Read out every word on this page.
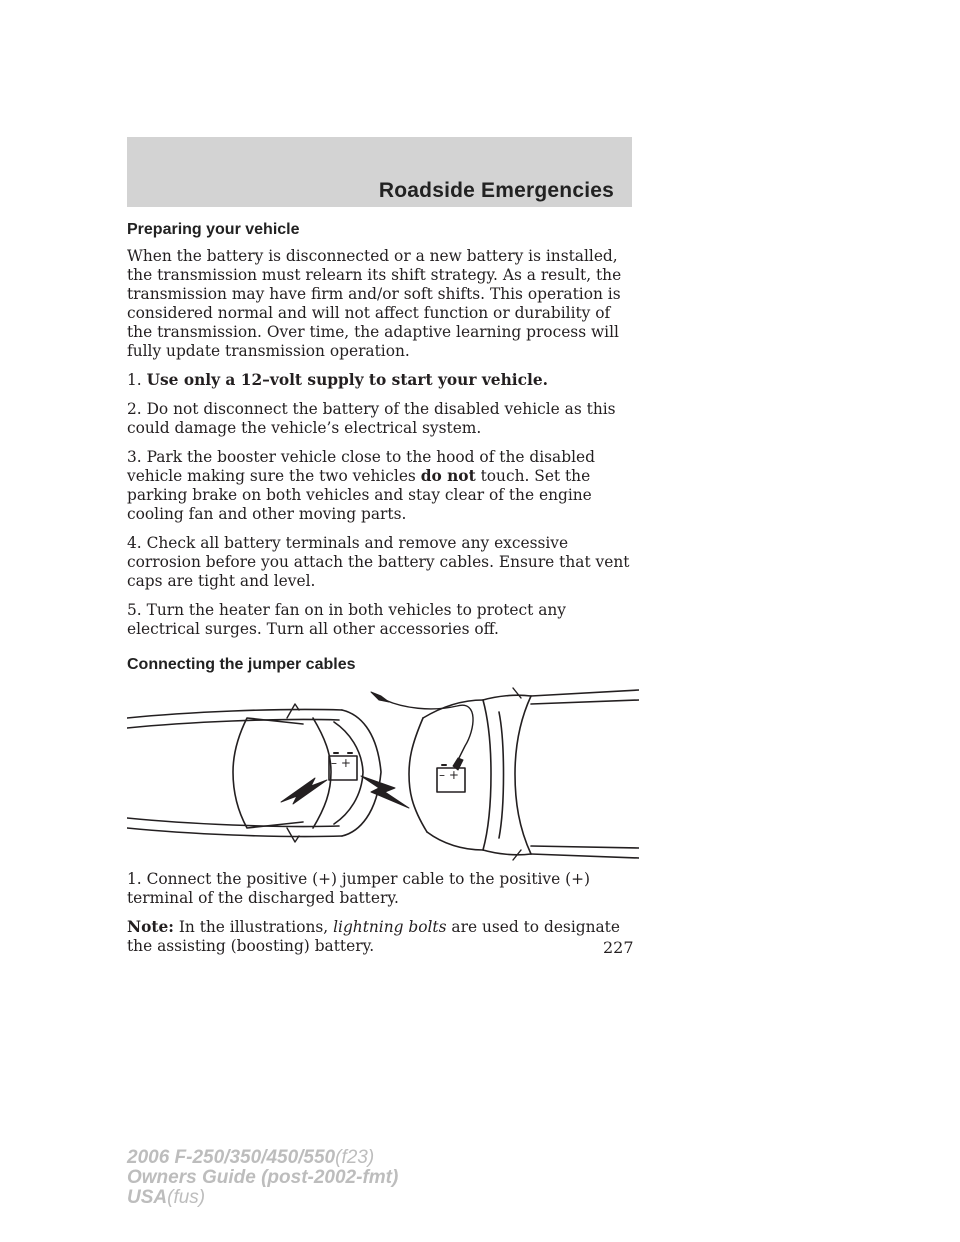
Roadside Emergencies
Preparing your vehicle

When the battery is disconnected or a new battery is installed, the transmission must relearn its shift strategy. As a result, the transmission may have firm and/or soft shifts. This operation is considered normal and will not affect function or durability of the transmission. Over time, the adaptive learning process will fully update transmission operation.

1. Use only a 12–volt supply to start your vehicle.

2. Do not disconnect the battery of the disabled vehicle as this could damage the vehicle’s electrical system.

3. Park the booster vehicle close to the hood of the disabled vehicle making sure the two vehicles do not touch. Set the parking brake on both vehicles and stay clear of the engine cooling fan and other moving parts.

4. Check all battery terminals and remove any excessive corrosion before you attach the battery cables. Ensure that vent caps are tight and level.

5. Turn the heater fan on in both vehicles to protect any electrical surges. Turn all other accessories off.

Connecting the jumper cables
– +
– +

1. Connect the positive (+) jumper cable to the positive (+) terminal of the discharged battery.

Note: In the illustrations, lightning bolts are used to designate the assisting (boosting) battery.	227
2006 F-250/350/450/550(f23)
Owners Guide (post-2002-fmt)
USA(fus)
